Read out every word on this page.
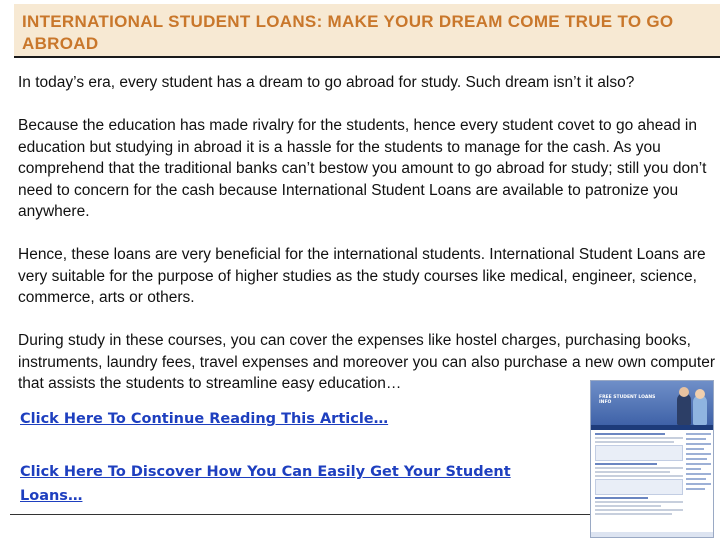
INTERNATIONAL STUDENT LOANS: MAKE YOUR DREAM COME TRUE TO GO ABROAD

In today’s era, every student has a dream to go abroad for study. Such dream isn’t it also?

Because the education has made rivalry for the students, hence every student covet to go ahead in education but studying in abroad it is a hassle for the students to manage for the cash. As you comprehend that the traditional banks can’t bestow you amount to go abroad for study; still you don’t need to concern for the cash because International Student Loans are available to patronize you anywhere.

Hence, these loans are very beneficial for the international students. International Student Loans are very suitable for the purpose of higher studies as the study courses like medical, engineer, science, commerce, arts or others.

During study in these courses, you can cover the expenses like hostel charges, purchasing books, instruments, laundry fees, travel expenses and moreover you can also purchase a new own computer that assists the students to streamline easy education…

Click Here To Continue Reading This Article…
Click Here To Discover How You Can Easily Get Your Student Loans…
FREE STUDENT LOANS INFO
